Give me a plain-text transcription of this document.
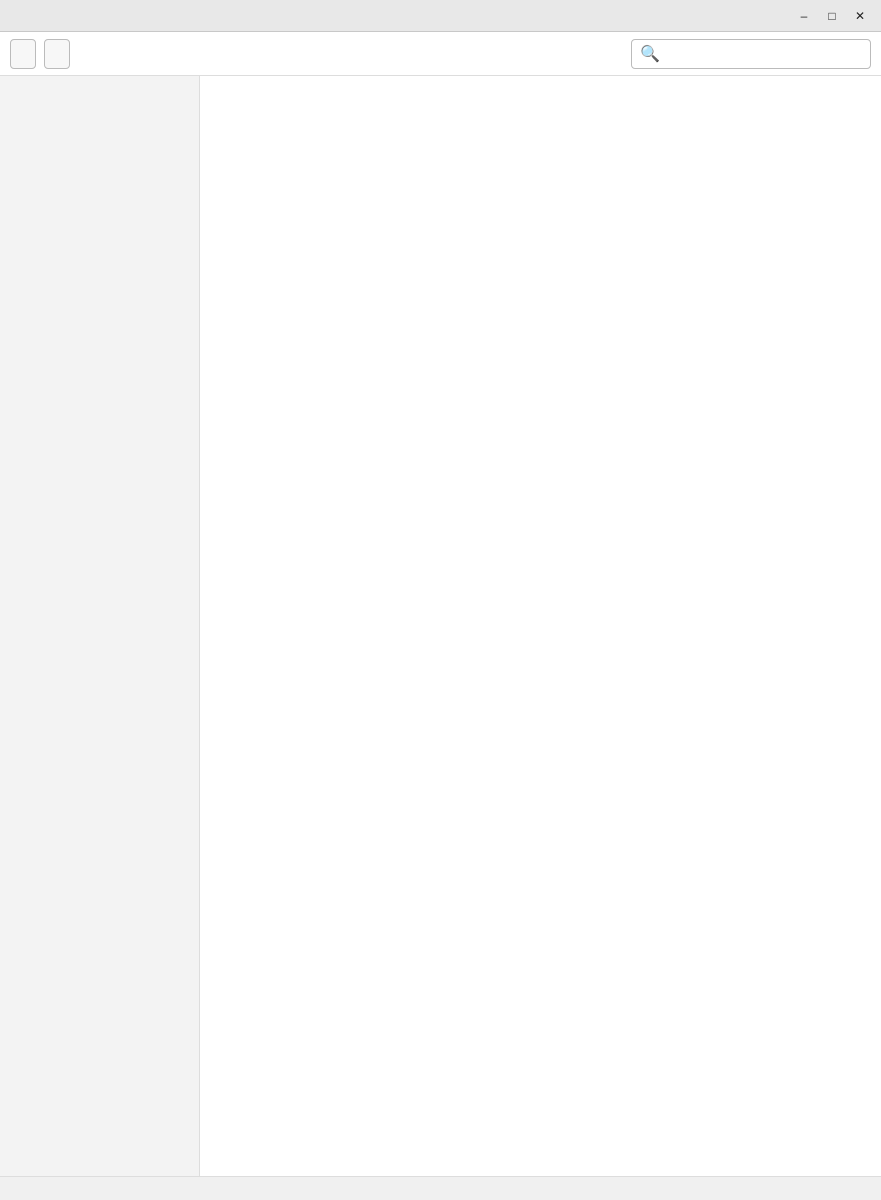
–	□	✕
🔍
